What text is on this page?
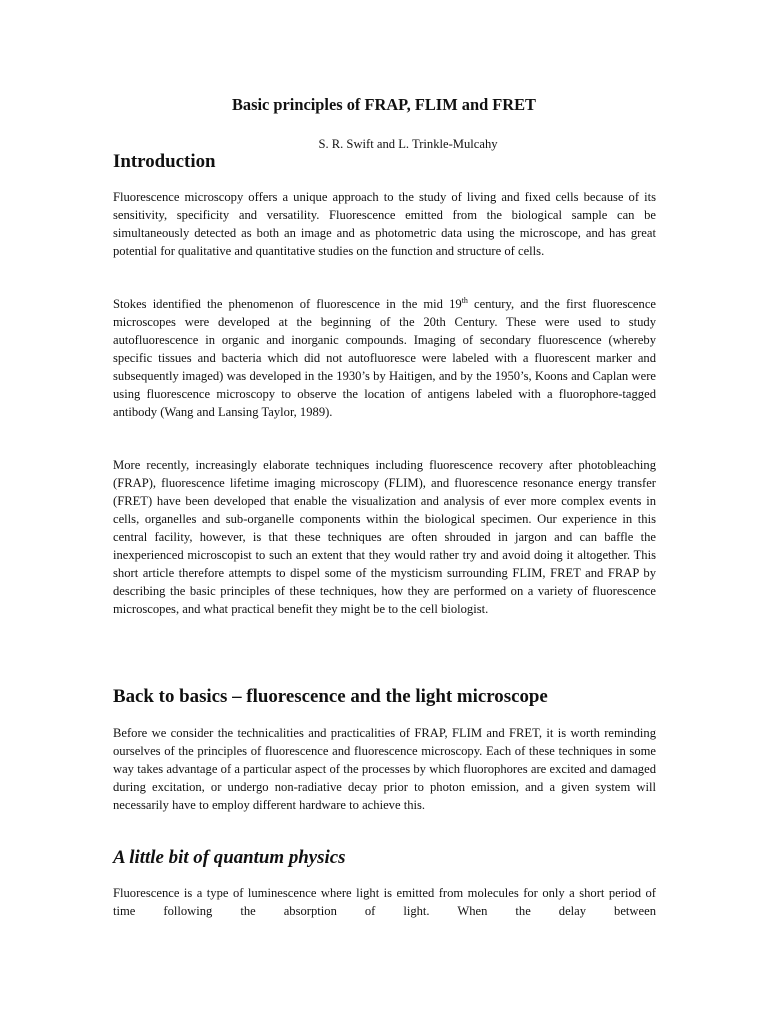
Basic principles of FRAP, FLIM and FRET

S. R. Swift and L. Trinkle-Mulcahy

Introduction

Fluorescence microscopy offers a unique approach to the study of living and fixed cells because of its sensitivity, specificity and versatility. Fluorescence emitted from the biological sample can be simultaneously detected as both an image and as photometric data using the microscope, and has great potential for qualitative and quantitative studies on the function and structure of cells.

Stokes identified the phenomenon of fluorescence in the mid 19th century, and the first fluorescence microscopes were developed at the beginning of the 20th Century. These were used to study autofluorescence in organic and inorganic compounds. Imaging of secondary fluorescence (whereby specific tissues and bacteria which did not autofluoresce were labeled with a fluorescent marker and subsequently imaged) was developed in the 1930’s by Haitigen, and by the 1950’s, Koons and Caplan were using fluorescence microscopy to observe the location of antigens labeled with a fluorophore-tagged antibody (Wang and Lansing Taylor, 1989).

More recently, increasingly elaborate techniques including fluorescence recovery after photobleaching (FRAP), fluorescence lifetime imaging microscopy (FLIM), and fluorescence resonance energy transfer (FRET) have been developed that enable the visualization and analysis of ever more complex events in cells, organelles and sub-organelle components within the biological specimen. Our experience in this central facility, however, is that these techniques are often shrouded in jargon and can baffle the inexperienced microscopist to such an extent that they would rather try and avoid doing it altogether. This short article therefore attempts to dispel some of the mysticism surrounding FLIM, FRET and FRAP by describing the basic principles of these techniques, how they are performed on a variety of fluorescence microscopes, and what practical benefit they might be to the cell biologist.

Back to basics – fluorescence and the light microscope

Before we consider the technicalities and practicalities of FRAP, FLIM and FRET, it is worth reminding ourselves of the principles of fluorescence and fluorescence microscopy. Each of these techniques in some way takes advantage of a particular aspect of the processes by which fluorophores are excited and damaged during excitation, or undergo non-radiative decay prior to photon emission, and a given system will necessarily have to employ different hardware to achieve this.

A little bit of quantum physics

Fluorescence is a type of luminescence where light is emitted from molecules for only a short period of time following the absorption of light. When the delay between
